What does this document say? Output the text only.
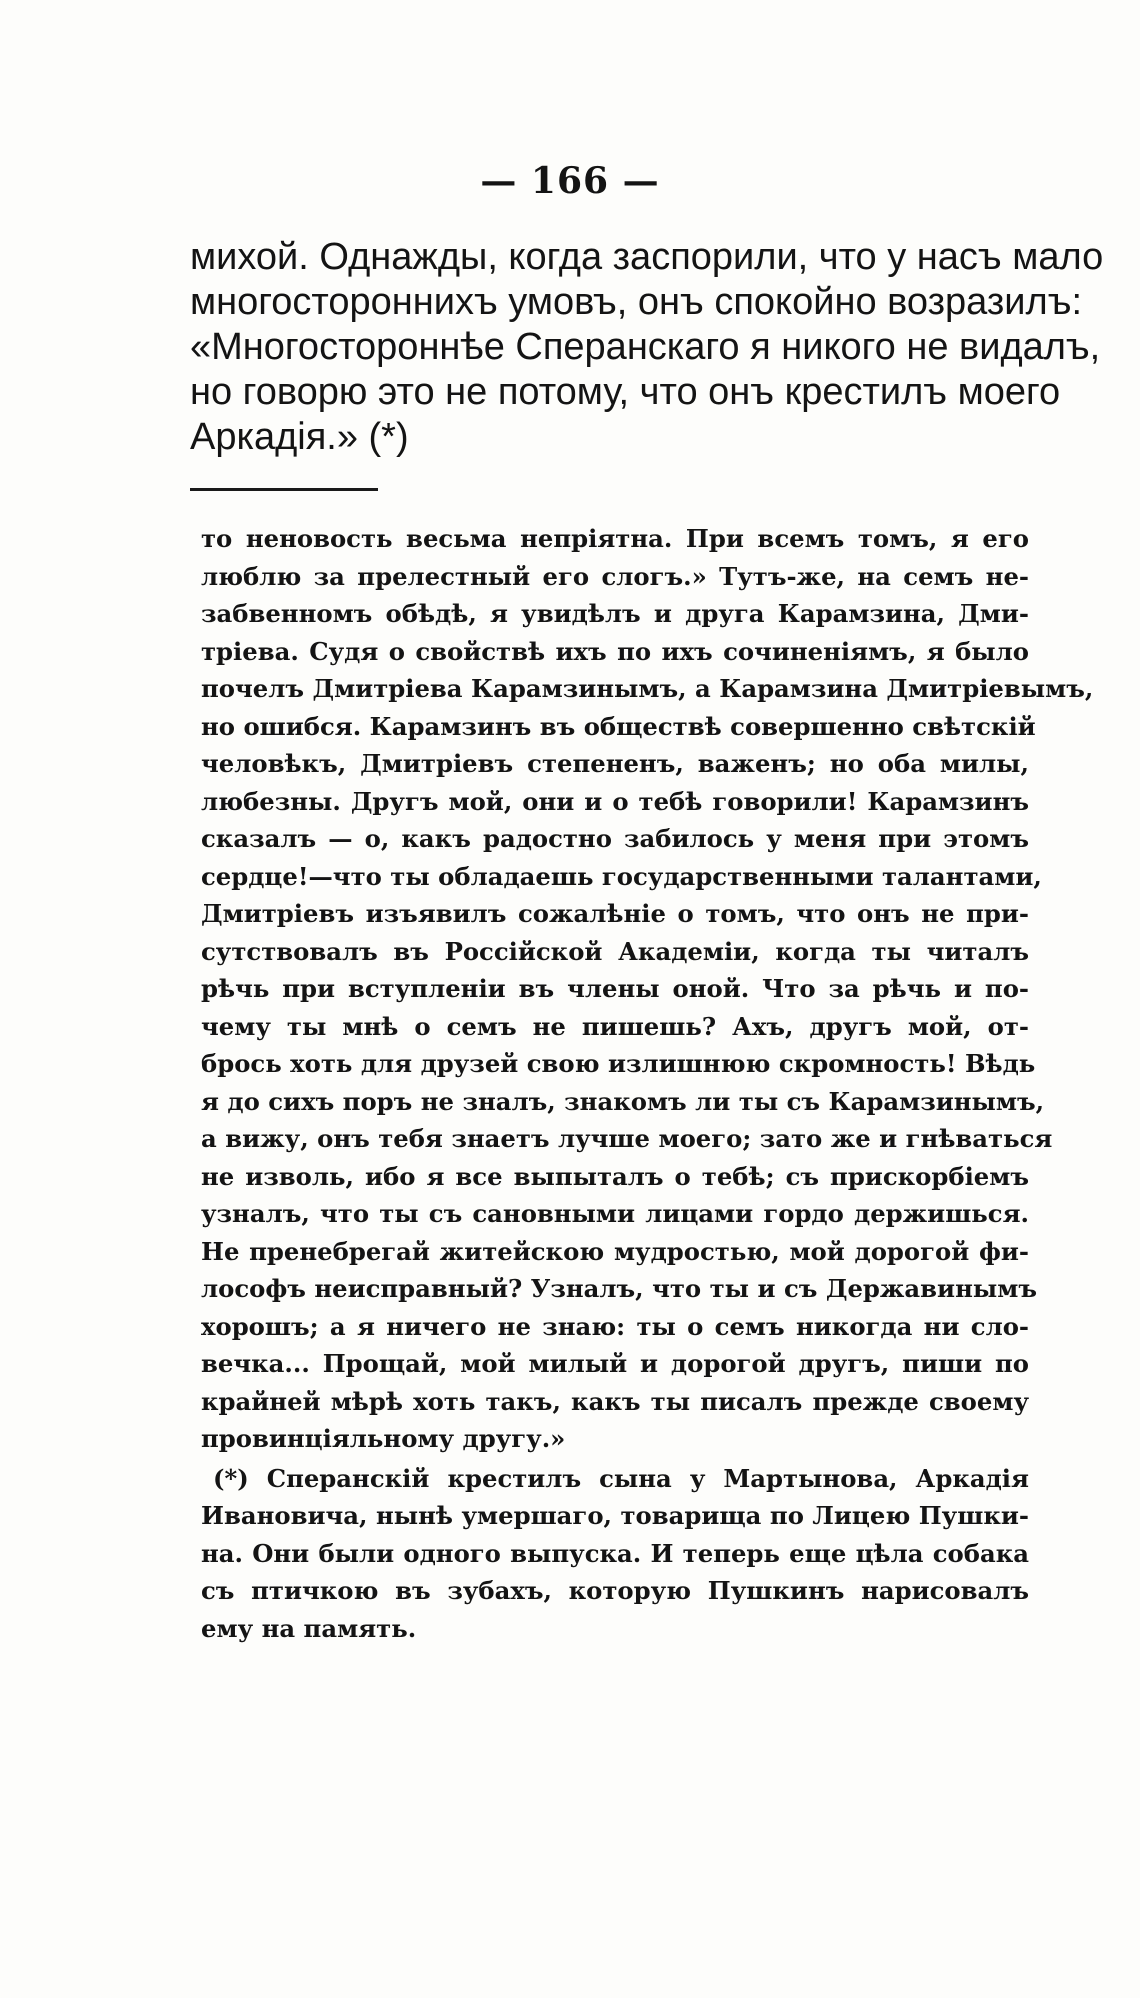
— 166 —
михой. Однажды, когда заспорили, что у насъ мало
многостороннихъ умовъ, онъ спокойно возразилъ:
«Многостороннѣе Сперанскаго я никого не видалъ,
но говорю это не потому, что онъ крестилъ моего
Аркадія.» (*)
то неновость весьма непріятна. При всемъ томъ, я его
люблю за прелестный его слогъ.» Тутъ-же, на семъ не-
забвенномъ обѣдѣ, я увидѣлъ и друга Карамзина, Дми-
тріева. Судя о свойствѣ ихъ по ихъ сочиненіямъ, я было
почелъ Дмитріева Карамзинымъ, а Карамзина Дмитріевымъ,
но ошибся. Карамзинъ въ обществѣ совершенно свѣтскій
человѣкъ, Дмитріевъ степененъ, важенъ; но оба милы,
любезны. Другъ мой, они и о тебѣ говорили! Карамзинъ
сказалъ — о, какъ радостно забилось у меня при этомъ
сердце!—что ты обладаешь государственными талантами,
Дмитріевъ изъявилъ сожалѣніе о томъ, что онъ не при-
сутствовалъ въ Россійской Академіи, когда ты читалъ
рѣчь при вступленіи въ члены оной. Что за рѣчь и по-
чему ты мнѣ о семъ не пишешь? Ахъ, другъ мой, от-
брось хоть для друзей свою излишнюю скромность! Вѣдь
я до сихъ поръ не зналъ, знакомъ ли ты съ Карамзинымъ,
а вижу, онъ тебя знаетъ лучше моего; зато же и гнѣваться
не изволь, ибо я все выпыталъ о тебѣ; съ прискорбіемъ
узналъ, что ты съ сановными лицами гордо держишься.
Не пренебрегай житейскою мудростью, мой дорогой фи-
лософъ неисправный? Узналъ, что ты и съ Державинымъ
хорошъ; а я ничего не знаю: ты о семъ никогда ни сло-
вечка... Прощай, мой милый и дорогой другъ, пиши по
крайней мѣрѣ хоть такъ, какъ ты писалъ прежде своему
провинціяльному другу.»
(*) Сперанскій крестилъ сына у Мартынова, Аркадія
Ивановича, нынѣ умершаго, товарища по Лицею Пушки-
на. Они были одного выпуска. И теперь еще цѣла собака
съ птичкою въ зубахъ, которую Пушкинъ нарисовалъ
ему на память.
